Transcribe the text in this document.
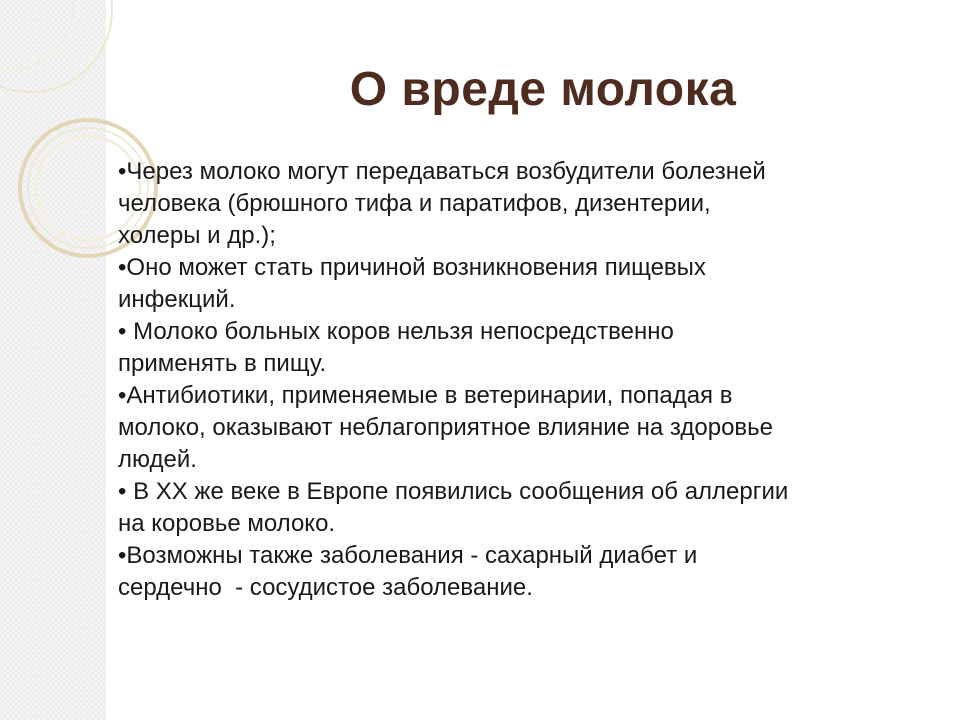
О вреде молока
•Через молоко могут передаваться возбудители болезней человека (брюшного тифа и паратифов, дизентерии, холеры и др.);
•Оно может стать причиной возникновения пищевых инфекций.
• Молоко больных коров нельзя непосредственно применять в пищу.
•Антибиотики, применяемые в ветеринарии, попадая в молоко, оказывают неблагоприятное влияние на здоровье людей.
• В XX же веке в Европе появились сообщения об аллергии на коровье молоко.
•Возможны также заболевания - сахарный диабет и сердечно  - сосудистое заболевание.
